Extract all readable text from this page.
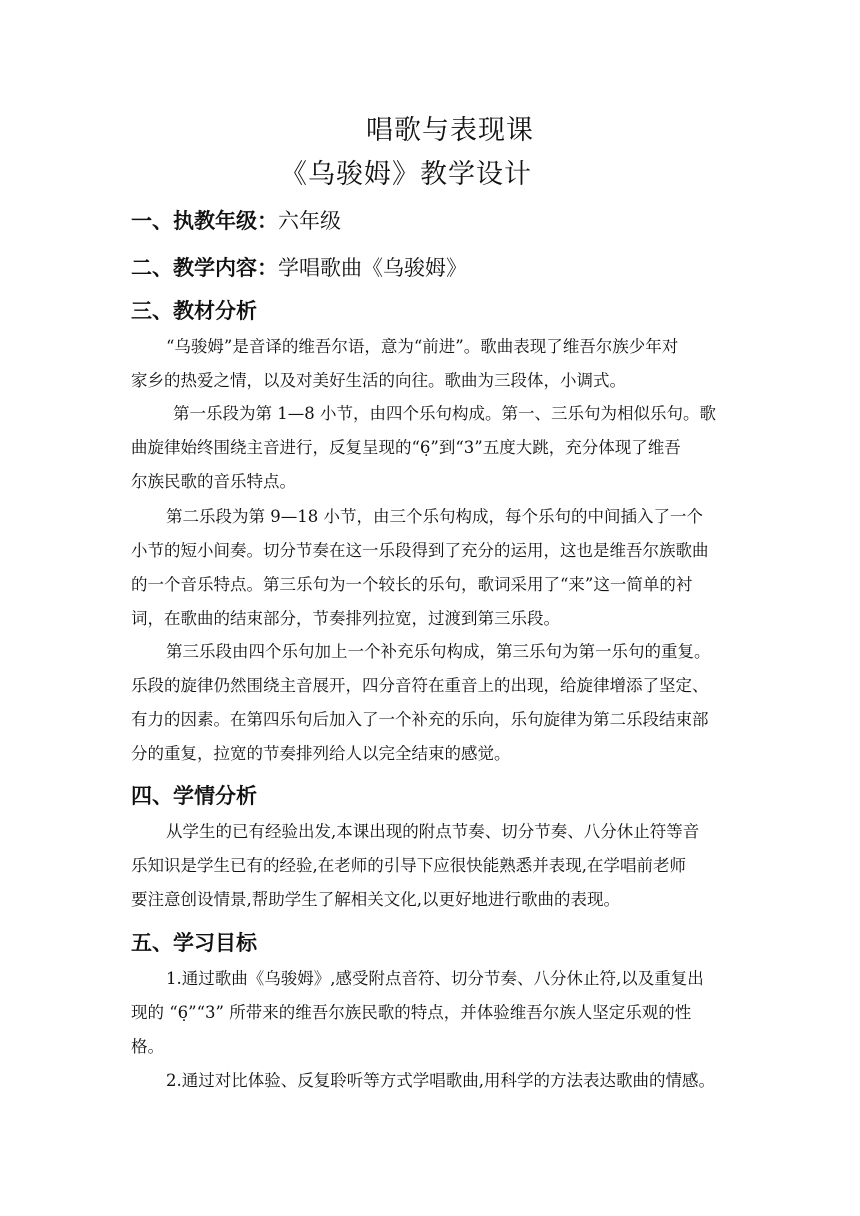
唱歌与表现课
《乌骏姆》教学设计
一、执教年级：六年级
二、教学内容：学唱歌曲《乌骏姆》
三、教材分析
“乌骏姆”是音译的维吾尔语，意为“前进”。歌曲表现了维吾尔族少年对
家乡的热爱之情，以及对美好生活的向往。歌曲为三段体，小调式。
第一乐段为第 1—8 小节，由四个乐句构成。第一、三乐句为相似乐句。歌
曲旋律始终围绕主音进行，反复呈现的“6̣”到“3”五度大跳，充分体现了维吾
尔族民歌的音乐特点。
第二乐段为第 9—18 小节，由三个乐句构成，每个乐句的中间插入了一个
小节的短小间奏。切分节奏在这一乐段得到了充分的运用，这也是维吾尔族歌曲
的一个音乐特点。第三乐句为一个较长的乐句，歌词采用了“来”这一简单的衬
词，在歌曲的结束部分，节奏排列拉宽，过渡到第三乐段。
第三乐段由四个乐句加上一个补充乐句构成，第三乐句为第一乐句的重复。
乐段的旋律仍然围绕主音展开，四分音符在重音上的出现，给旋律增添了坚定、
有力的因素。在第四乐句后加入了一个补充的乐向，乐句旋律为第二乐段结束部
分的重复，拉宽的节奏排列给人以完全结束的感觉。
四、学情分析
从学生的已有经验出发,本课出现的附点节奏、切分节奏、八分休止符等音
乐知识是学生已有的经验,在老师的引导下应很快能熟悉并表现,在学唱前老师
要注意创设情景,帮助学生了解相关文化,以更好地进行歌曲的表现。
五、学习目标
1.通过歌曲《乌骏姆》,感受附点音符、切分节奏、八分休止符,以及重复出
现的 “6̣”“3” 所带来的维吾尔族民歌的特点，并体验维吾尔族人坚定乐观的性
格。
2.通过对比体验、反复聆听等方式学唱歌曲,用科学的方法表达歌曲的情感。
